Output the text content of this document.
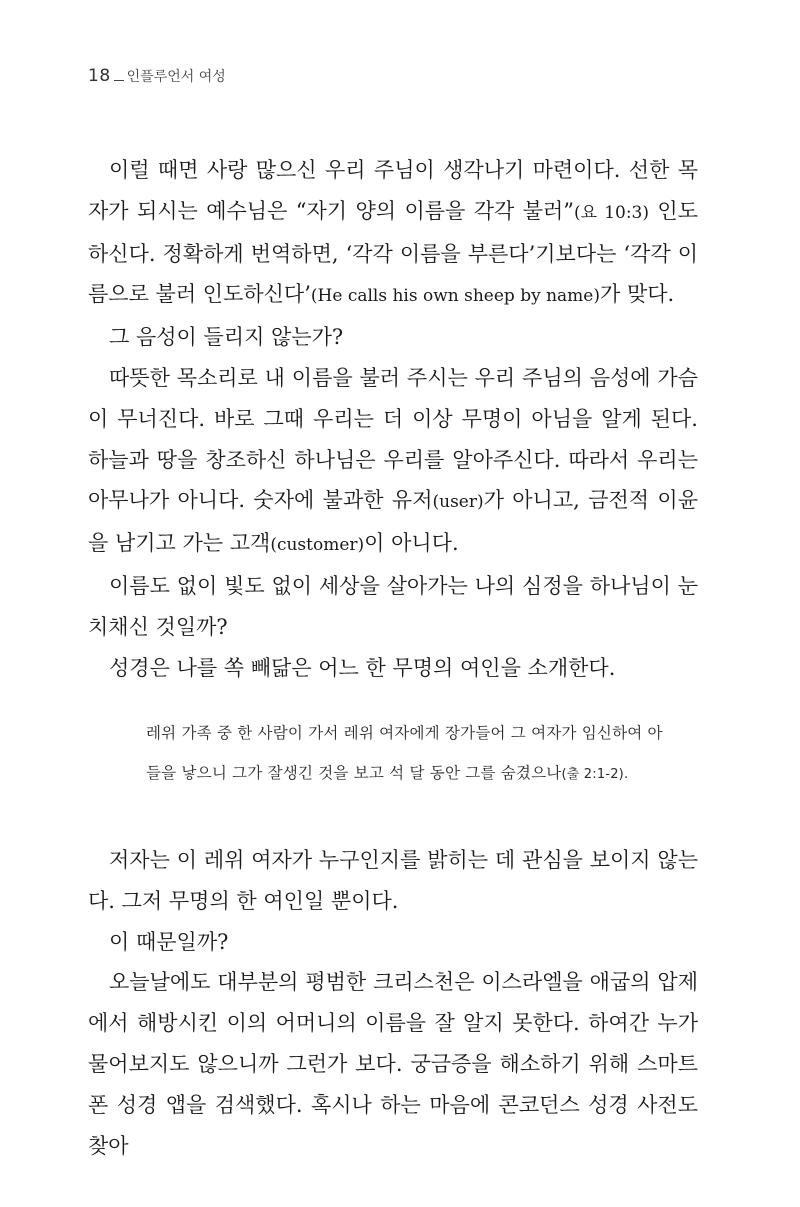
18 인플루언서 여성

이럴 때면 사랑 많으신 우리 주님이 생각나기 마련이다. 선한 목자가 되시는 예수님은 “자기 양의 이름을 각각 불러”(요 10:3) 인도하신다. 정확하게 번역하면, ‘각각 이름을 부른다’기보다는 ‘각각 이름으로 불러 인도하신다’(He calls his own sheep by name)가 맞다.

그 음성이 들리지 않는가?

따뜻한 목소리로 내 이름을 불러 주시는 우리 주님의 음성에 가슴이 무너진다. 바로 그때 우리는 더 이상 무명이 아님을 알게 된다. 하늘과 땅을 창조하신 하나님은 우리를 알아주신다. 따라서 우리는 아무나가 아니다. 숫자에 불과한 유저(user)가 아니고, 금전적 이윤을 남기고 가는 고객(customer)이 아니다.

이름도 없이 빛도 없이 세상을 살아가는 나의 심정을 하나님이 눈치채신 것일까?

성경은 나를 쏙 빼닮은 어느 한 무명의 여인을 소개한다.

레위 가족 중 한 사람이 가서 레위 여자에게 장가들어 그 여자가 임신하여 아들을 낳으니 그가 잘생긴 것을 보고 석 달 동안 그를 숨겼으나(출 2:1-2).

저자는 이 레위 여자가 누구인지를 밝히는 데 관심을 보이지 않는다. 그저 무명의 한 여인일 뿐이다.

이 때문일까?

오늘날에도 대부분의 평범한 크리스천은 이스라엘을 애굽의 압제에서 해방시킨 이의 어머니의 이름을 잘 알지 못한다. 하여간 누가 물어보지도 않으니까 그런가 보다. 궁금증을 해소하기 위해 스마트폰 성경 앱을 검색했다. 혹시나 하는 마음에 콘코던스 성경 사전도 찾아
